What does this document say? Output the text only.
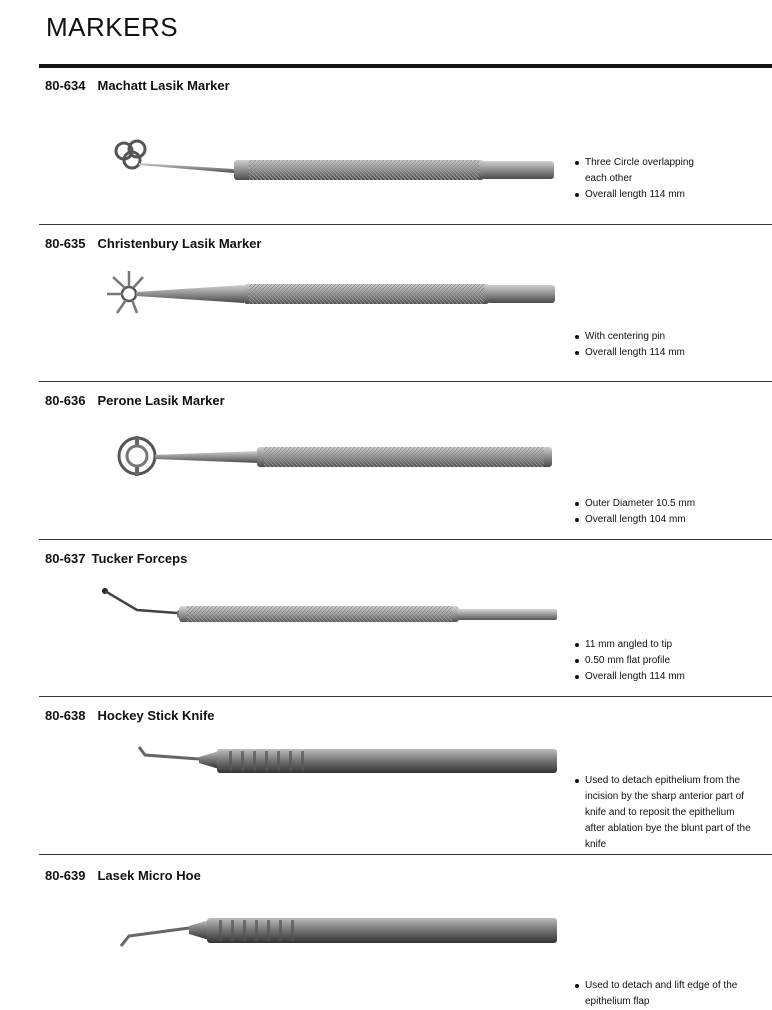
MARKERS
80-634 Machatt Lasik Marker
Three Circle overlapping each other
Overall length 114 mm
80-635 Christenbury Lasik Marker
With centering pin
Overall length 114 mm
80-636 Perone Lasik Marker
Outer Diameter 10.5 mm
Overall length 104 mm
80-637 Tucker Forceps
11 mm angled to tip
0.50 mm flat profile
Overall length 114 mm
80-638 Hockey Stick Knife
Used to detach epithelium from the incision by the sharp anterior part of knife and to reposit the epithelium after ablation bye the blunt part of the knife
80-639 Lasek Micro Hoe
Used to detach and lift edge of the epithelium flap
